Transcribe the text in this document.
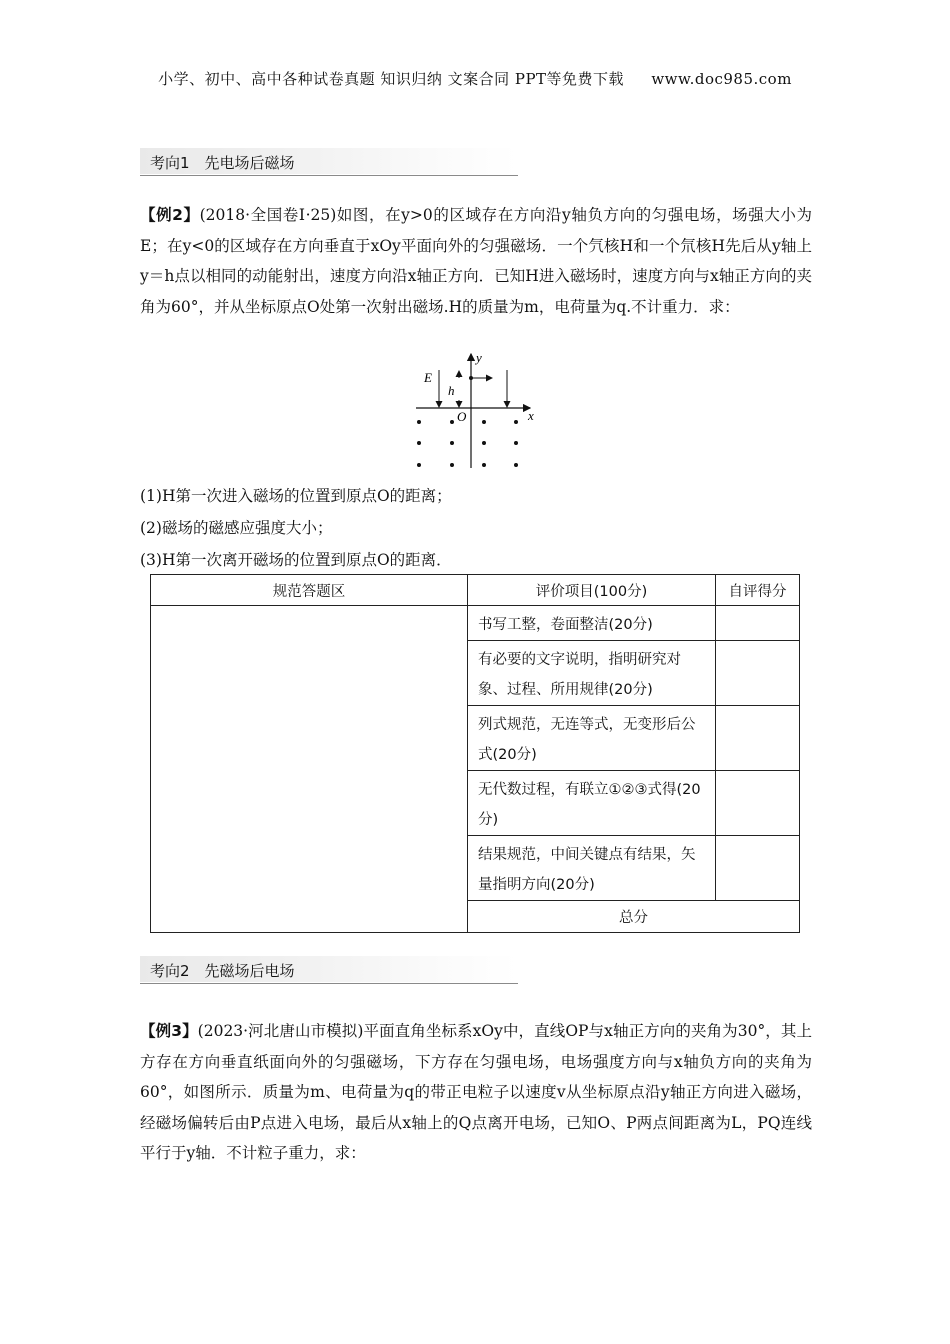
小学、初中、高中各种试卷真题 知识归纳 文案合同 PPT等免费下载 www.doc985.com
考向1　先电场后磁场
【例2】(2018·全国卷Ⅰ·25)如图，在y>0的区域存在方向沿y轴负方向的匀强电场，场强大小为E；在y<0的区域存在方向垂直于xOy平面向外的匀强磁场．一个氕核H和一个氘核H先后从y轴上y＝h点以相同的动能射出，速度方向沿x轴正方向．已知H进入磁场时，速度方向与x轴正方向的夹角为60°，并从坐标原点O处第一次射出磁场.H的质量为m，电荷量为q.不计重力．求：
E
h
O	x
y
(1)H第一次进入磁场的位置到原点O的距离；
(2)磁场的磁感应强度大小；
(3)H第一次离开磁场的位置到原点O的距离．
规范答题区	评价项目(100分)	自评得分
	书写工整，卷面整洁(20分)	
	有必要的文字说明，指明研究对象、过程、所用规律(20分)	
	列式规范，无连等式，无变形后公式(20分)	
	无代数过程，有联立①②③式得(20分)	
	结果规范，中间关键点有结果，矢量指明方向(20分)	
	总分	
考向2　先磁场后电场
【例3】(2023·河北唐山市模拟)平面直角坐标系xOy中，直线OP与x轴正方向的夹角为30°，其上方存在方向垂直纸面向外的匀强磁场，下方存在匀强电场，电场强度方向与x轴负方向的夹角为60°，如图所示．质量为m、电荷量为q的带正电粒子以速度v从坐标原点沿y轴正方向进入磁场，经磁场偏转后由P点进入电场，最后从x轴上的Q点离开电场，已知O、P两点间距离为L，PQ连线平行于y轴．不计粒子重力，求：
